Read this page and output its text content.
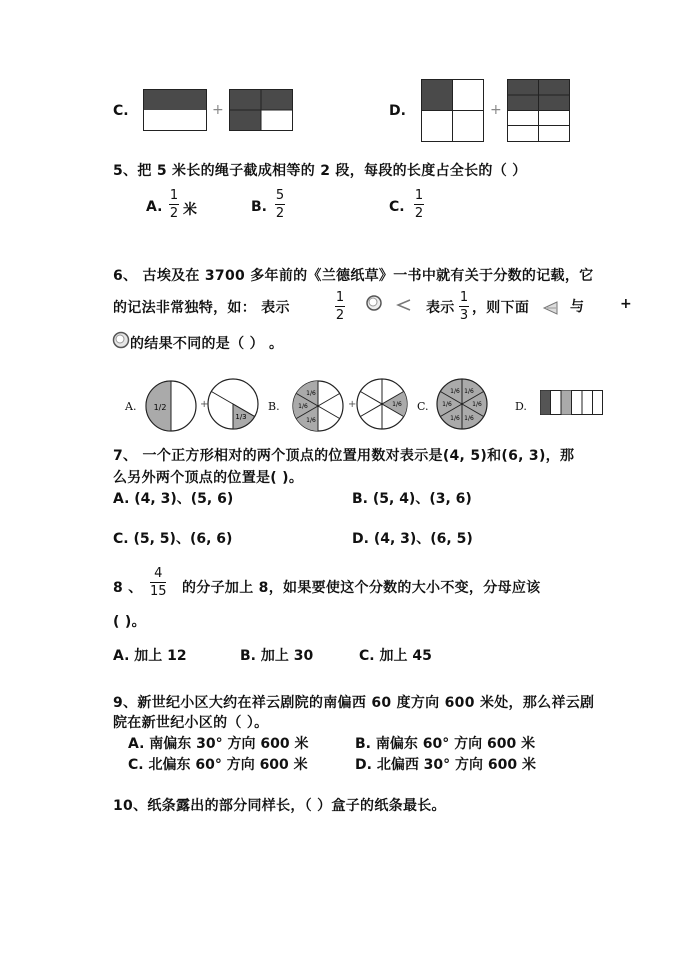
C.	+	D.	+
5、把 5 米长的绳子截成相等的 2 段，每段的长度占全长的（ ）
A.
1
2 米	B.
5
2	C.
1
2
6、 古埃及在 3700 多年前的《兰德纸草》一书中就有关于分数的记载，它
的记法非常独特，如： 表示
1
2	表示
1
3 ，则下面	与	+
的结果不同的是（ ） 。
A. 1/2	+
1/3
B.
1/6
1/6
1/6
+	1/6 C.
1/6 1/6
1/6	1/6
1/6 1/6
D.
7、 一个正方形相对的两个顶点的位置用数对表示是(4, 5)和(6, 3)，那
么另外两个顶点的位置是( )。
A. (4, 3)、(5, 6)	B. (5, 4)、(3, 6)
C. (5, 5)、(6, 6)	D. (4, 3)、(6, 5)
8 、
4
15 的分子加上 8，如果要使这个分数的大小不变，分母应该
( )。
A. 加上 12	B. 加上 30	C. 加上 45
9、新世纪小区大约在祥云剧院的南偏西 60 度方向 600 米处，那么祥云剧
院在新世纪小区的（ ）。
A. 南偏东 30° 方向 600 米	B. 南偏东 60° 方向 600 米
C. 北偏东 60° 方向 600 米	D. 北偏西 30° 方向 600 米
10、纸条露出的部分同样长，（ ）盒子的纸条最长。
